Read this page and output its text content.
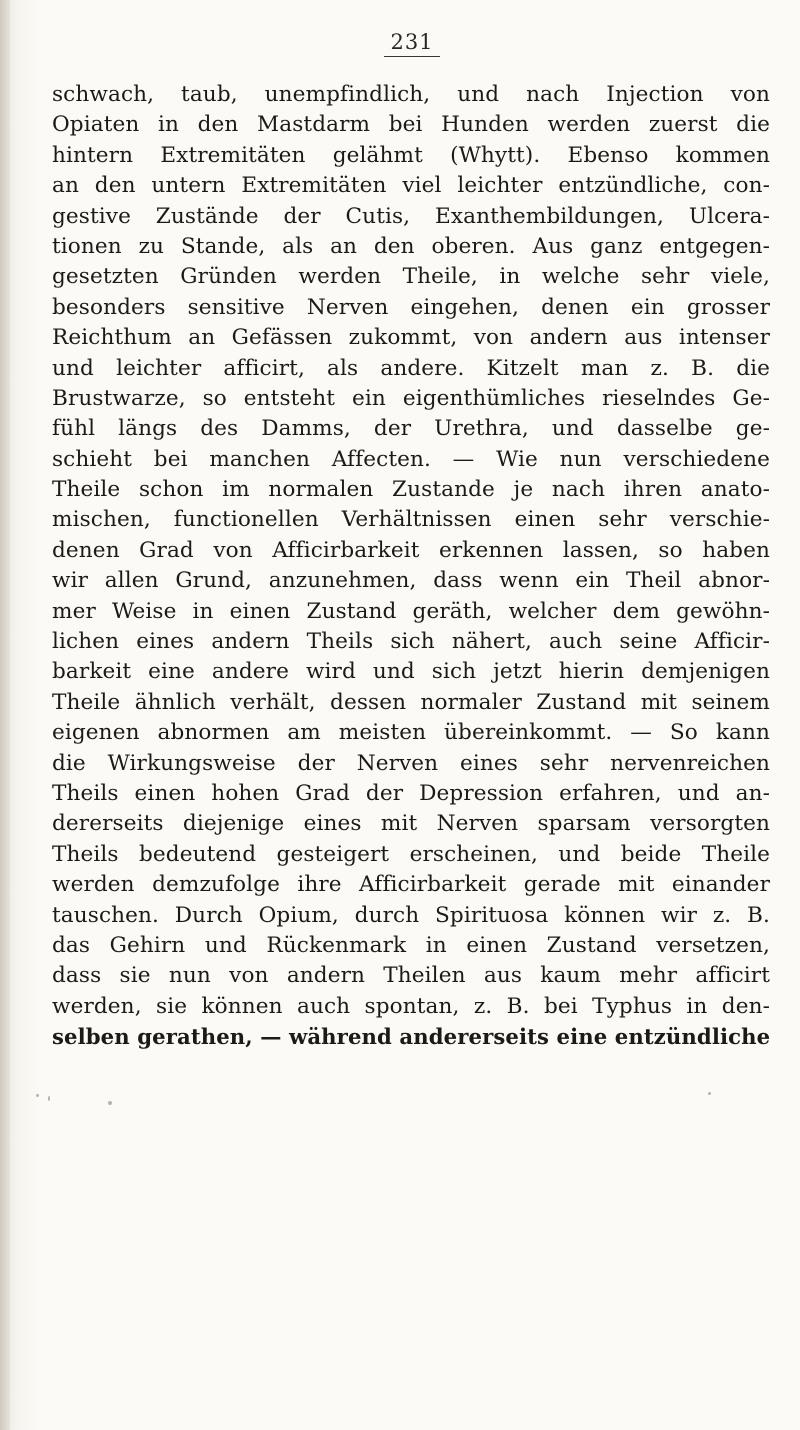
231
schwach, taub, unempfindlich, und nach Injection von
Opiaten in den Mastdarm bei Hunden werden zuerst die
hintern Extremitäten gelähmt (Whytt). Ebenso kommen
an den untern Extremitäten viel leichter entzündliche, con-
gestive Zustände der Cutis, Exanthembildungen, Ulcera-
tionen zu Stande, als an den oberen. Aus ganz entgegen-
gesetzten Gründen werden Theile, in welche sehr viele,
besonders sensitive Nerven eingehen, denen ein grosser
Reichthum an Gefässen zukommt, von andern aus intenser
und leichter afficirt, als andere. Kitzelt man z. B. die
Brustwarze, so entsteht ein eigenthümliches rieselndes Ge-
fühl längs des Damms, der Urethra, und dasselbe ge-
schieht bei manchen Affecten. — Wie nun verschiedene
Theile schon im normalen Zustande je nach ihren anato-
mischen, functionellen Verhältnissen einen sehr verschie-
denen Grad von Afficirbarkeit erkennen lassen, so haben
wir allen Grund, anzunehmen, dass wenn ein Theil abnor-
mer Weise in einen Zustand geräth, welcher dem gewöhn-
lichen eines andern Theils sich nähert, auch seine Afficir-
barkeit eine andere wird und sich jetzt hierin demjenigen
Theile ähnlich verhält, dessen normaler Zustand mit seinem
eigenen abnormen am meisten übereinkommt. — So kann
die Wirkungsweise der Nerven eines sehr nervenreichen
Theils einen hohen Grad der Depression erfahren, und an-
dererseits diejenige eines mit Nerven sparsam versorgten
Theils bedeutend gesteigert erscheinen, und beide Theile
werden demzufolge ihre Afficirbarkeit gerade mit einander
tauschen. Durch Opium, durch Spirituosa können wir z. B.
das Gehirn und Rückenmark in einen Zustand versetzen,
dass sie nun von andern Theilen aus kaum mehr afficirt
werden, sie können auch spontan, z. B. bei Typhus in den-
selben gerathen, — während andererseits eine entzündliche
